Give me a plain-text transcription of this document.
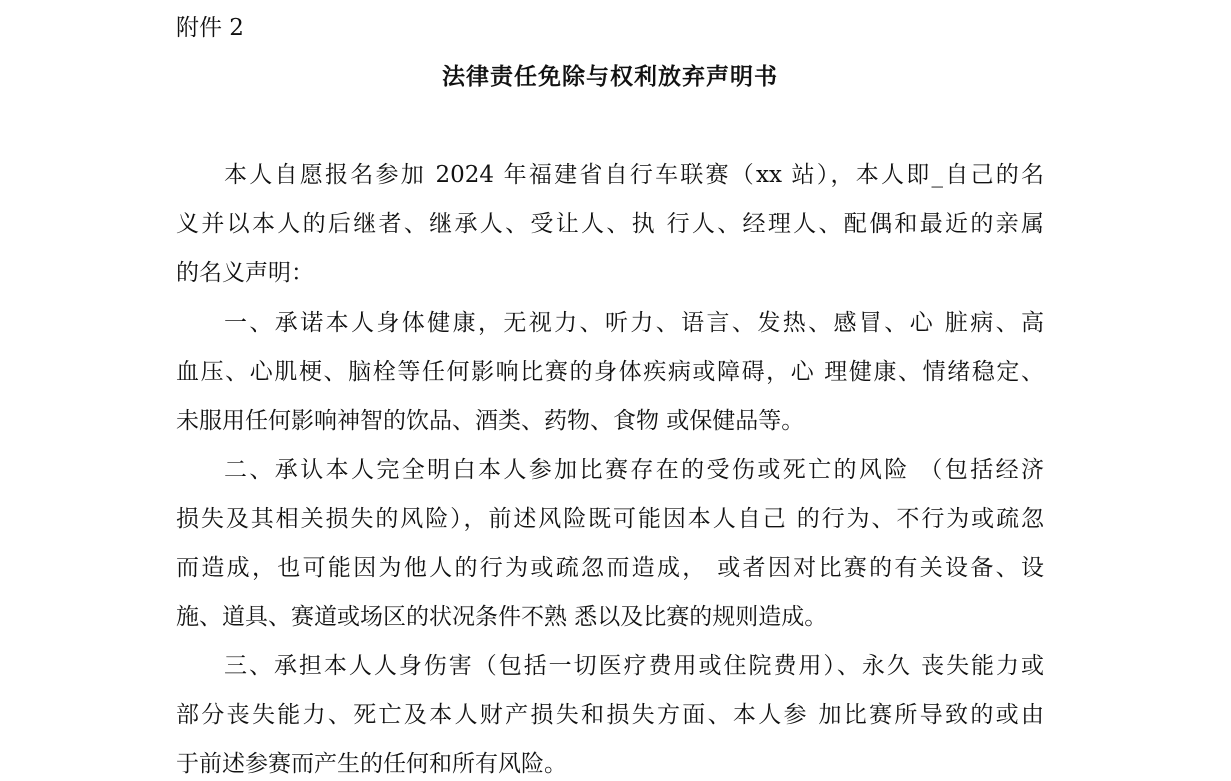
附件 2
法律责任免除与权利放弃声明书
本人自愿报名参加 2024 年福建省自行车联赛（xx 站），本人即_自己的名
义并以本人的后继者、继承人、受让人、执 行人、经理人、配偶和最近的亲属
的名义声明：
一、承诺本人身体健康，无视力、听力、语言、发热、感冒、心 脏病、高
血压、心肌梗、脑栓等任何影响比赛的身体疾病或障碍，心 理健康、情绪稳定、
未服用任何影响神智的饮品、酒类、药物、食物 或保健品等。
二、承认本人完全明白本人参加比赛存在的受伤或死亡的风险 （包括经济
损失及其相关损失的风险），前述风险既可能因本人自己 的行为、不行为或疏忽
而造成，也可能因为他人的行为或疏忽而造成， 或者因对比赛的有关设备、设
施、道具、赛道或场区的状况条件不熟 悉以及比赛的规则造成。
三、承担本人人身伤害（包括一切医疗费用或住院费用）、永久 丧失能力或
部分丧失能力、死亡及本人财产损失和损失方面、本人参 加比赛所导致的或由
于前述参赛而产生的任何和所有风险。
